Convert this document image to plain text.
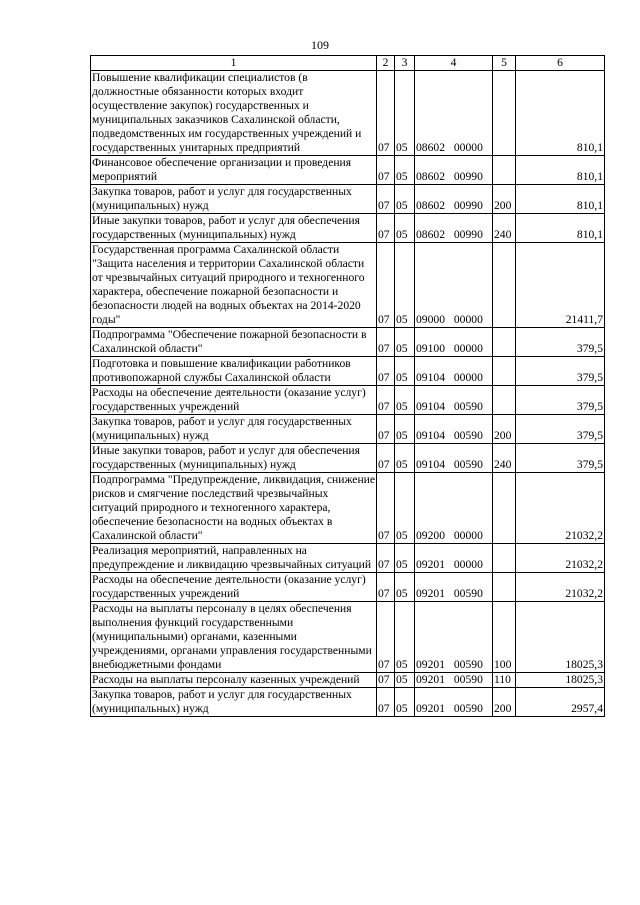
109
1	2	3	4	5	6
Повышение квалификации специалистов (в должностные обязанности которых входит осуществление закупок) государственных и муниципальных заказчиков Сахалинской области, подведомственных им государственных учреждений и государственных унитарных предприятий	07	05	08602 00000		810,1
Финансовое обеспечение организации и проведения мероприятий	07	05	08602 00990		810,1
Закупка товаров, работ и услуг для государственных (муниципальных) нужд	07	05	08602 00990	200	810,1
Иные закупки товаров, работ и услуг для обеспечения государственных (муниципальных) нужд	07	05	08602 00990	240	810,1
Государственная программа Сахалинской области "Защита населения и территории Сахалинской области от чрезвычайных ситуаций природного и техногенного характера, обеспечение пожарной безопасности и безопасности людей на водных объектах на 2014-2020 годы"	07	05	09000 00000		21411,7
Подпрограмма "Обеспечение пожарной безопасности в Сахалинской области"	07	05	09100 00000		379,5
Подготовка и повышение квалификации работников противопожарной службы Сахалинской области	07	05	09104 00000		379,5
Расходы на обеспечение деятельности (оказание услуг) государственных учреждений	07	05	09104 00590		379,5
Закупка товаров, работ и услуг для государственных (муниципальных) нужд	07	05	09104 00590	200	379,5
Иные закупки товаров, работ и услуг для обеспечения государственных (муниципальных) нужд	07	05	09104 00590	240	379,5
Подпрограмма "Предупреждение, ликвидация, снижение рисков и смягчение последствий чрезвычайных ситуаций природного и техногенного характера, обеспечение безопасности на водных объектах в Сахалинской области"	07	05	09200 00000		21032,2
Реализация мероприятий, направленных на предупреждение и ликвидацию чрезвычайных ситуаций	07	05	09201 00000		21032,2
Расходы на обеспечение деятельности (оказание услуг) государственных учреждений	07	05	09201 00590		21032,2
Расходы на выплаты персоналу в целях обеспечения выполнения функций государственными (муниципальными) органами, казенными учреждениями, органами управления государственными внебюджетными фондами	07	05	09201 00590	100	18025,3
Расходы на выплаты персоналу казенных учреждений	07	05	09201 00590	110	18025,3
Закупка товаров, работ и услуг для государственных (муниципальных) нужд	07	05	09201 00590	200	2957,4
